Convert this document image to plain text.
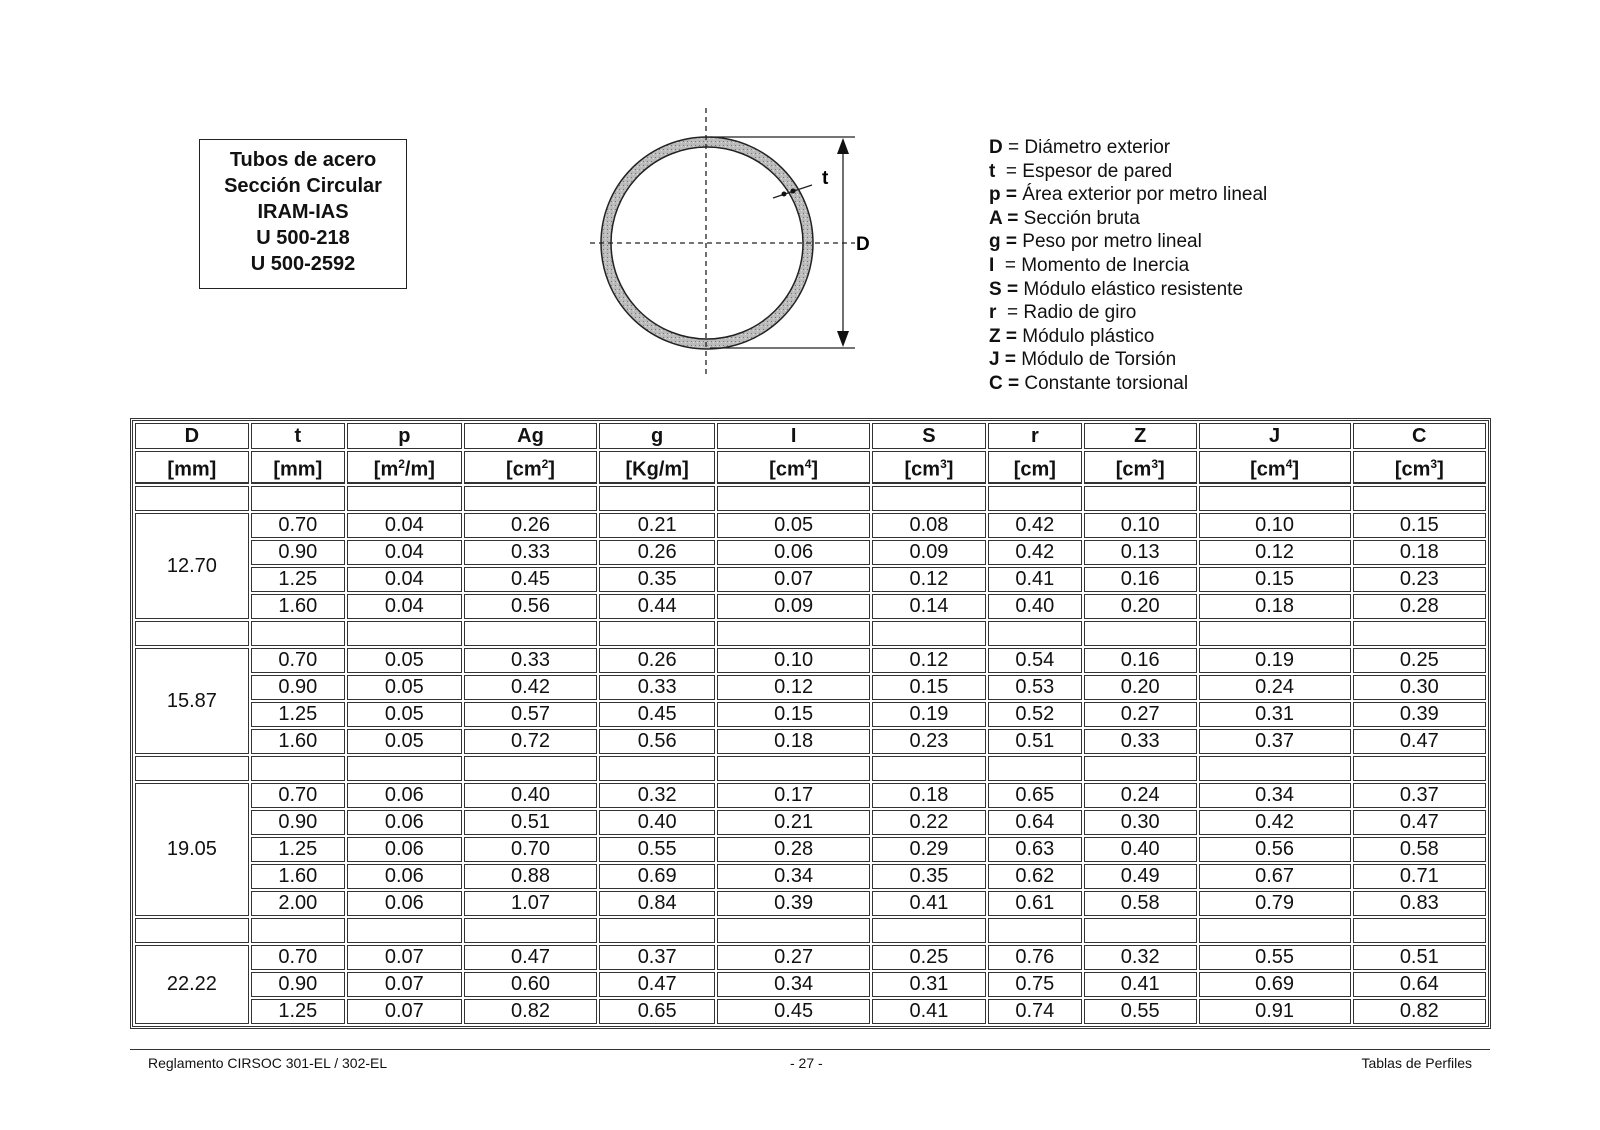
Tubos de acero
Sección Circular
IRAM-IAS
U 500-218
U 500-2592
t
D
D = Diámetro exterior
t  = Espesor de pared
p = Área exterior por metro lineal
A = Sección bruta
g = Peso por metro lineal
I  = Momento de Inercia
S = Módulo elástico resistente
r  = Radio de giro
Z = Módulo plástico
J = Módulo de Torsión
C = Constante torsional
D	t	p	Ag	g	I	S	r	Z	J	C
[mm]	[mm]	$[m^2/m]$	$[cm^2]$	[Kg/m]	$[cm^4]$	$[cm^3]$	[cm]	$[cm^3]$	$[cm^4]$	$[cm^3]$

12.70	0.70	0.04	0.26	0.21	0.05	0.08	0.42	0.10	0.10	0.15
	0.90	0.04	0.33	0.26	0.06	0.09	0.42	0.13	0.12	0.18
	1.25	0.04	0.45	0.35	0.07	0.12	0.41	0.16	0.15	0.23
	1.60	0.04	0.56	0.44	0.09	0.14	0.40	0.20	0.18	0.28

15.87	0.70	0.05	0.33	0.26	0.10	0.12	0.54	0.16	0.19	0.25
	0.90	0.05	0.42	0.33	0.12	0.15	0.53	0.20	0.24	0.30
	1.25	0.05	0.57	0.45	0.15	0.19	0.52	0.27	0.31	0.39
	1.60	0.05	0.72	0.56	0.18	0.23	0.51	0.33	0.37	0.47

19.05	0.70	0.06	0.40	0.32	0.17	0.18	0.65	0.24	0.34	0.37
	0.90	0.06	0.51	0.40	0.21	0.22	0.64	0.30	0.42	0.47
	1.25	0.06	0.70	0.55	0.28	0.29	0.63	0.40	0.56	0.58
	1.60	0.06	0.88	0.69	0.34	0.35	0.62	0.49	0.67	0.71
	2.00	0.06	1.07	0.84	0.39	0.41	0.61	0.58	0.79	0.83

22.22	0.70	0.07	0.47	0.37	0.27	0.25	0.76	0.32	0.55	0.51
	0.90	0.07	0.60	0.47	0.34	0.31	0.75	0.41	0.69	0.64
	1.25	0.07	0.82	0.65	0.45	0.41	0.74	0.55	0.91	0.82
Reglamento CIRSOC 301-EL / 302-EL	- 27 -	Tablas de Perfiles
